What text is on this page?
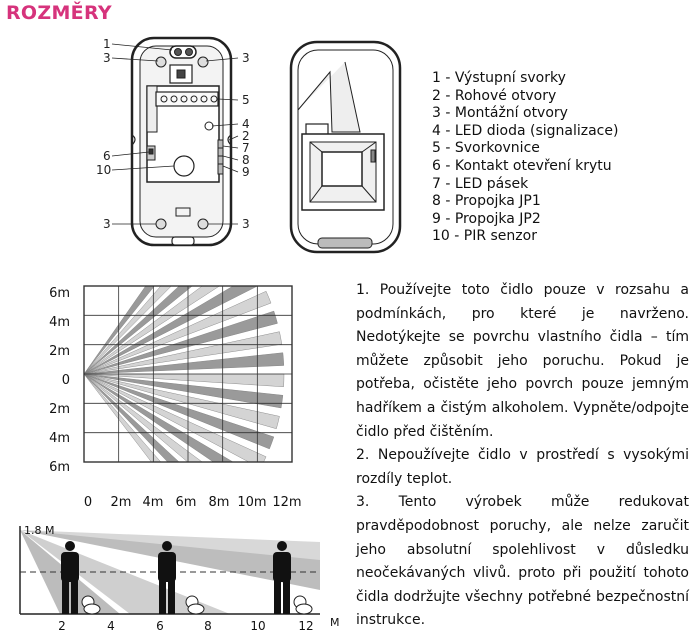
ROZMĚRY
1
3
6
10
3
3
5
4
2
7
8
9
3
1 - Výstupní svorky
2 - Rohové otvory
3 - Montážní otvory
4 - LED dioda (signalizace)
5 - Svorkovnice
6 - Kontakt otevření krytu
7 - LED pásek
8 - Propojka JP1
9 - Propojka JP2
10 - PIR senzor
6m
4m
2m
0
2m
4m
6m
0 2m 4m 6m 8m 10m 12m
1.8 M
2	4	6	8	10	12 M

1. Používejte toto čidlo pouze v rozsahu a podmínkách, pro které je navrženo. Nedotýkejte se povrchu vlastního čidla – tím můžete způsobit jeho poruchu. Pokud je potřeba, očistěte jeho povrch pouze jemným hadříkem a čistým alkoholem. Vypněte/odpojte čidlo před čištěním.

2. Nepoužívejte čidlo v prostředí s vysokými rozdíly teplot.

3. Tento výrobek může redukovat pravděpodobnost poruchy, ale nelze zaručit jeho absolutní spolehlivost v důsledku neočekávaných vlivů. proto při použití tohoto čidla dodržujte všechny potřebné bezpečnostní instrukce.
